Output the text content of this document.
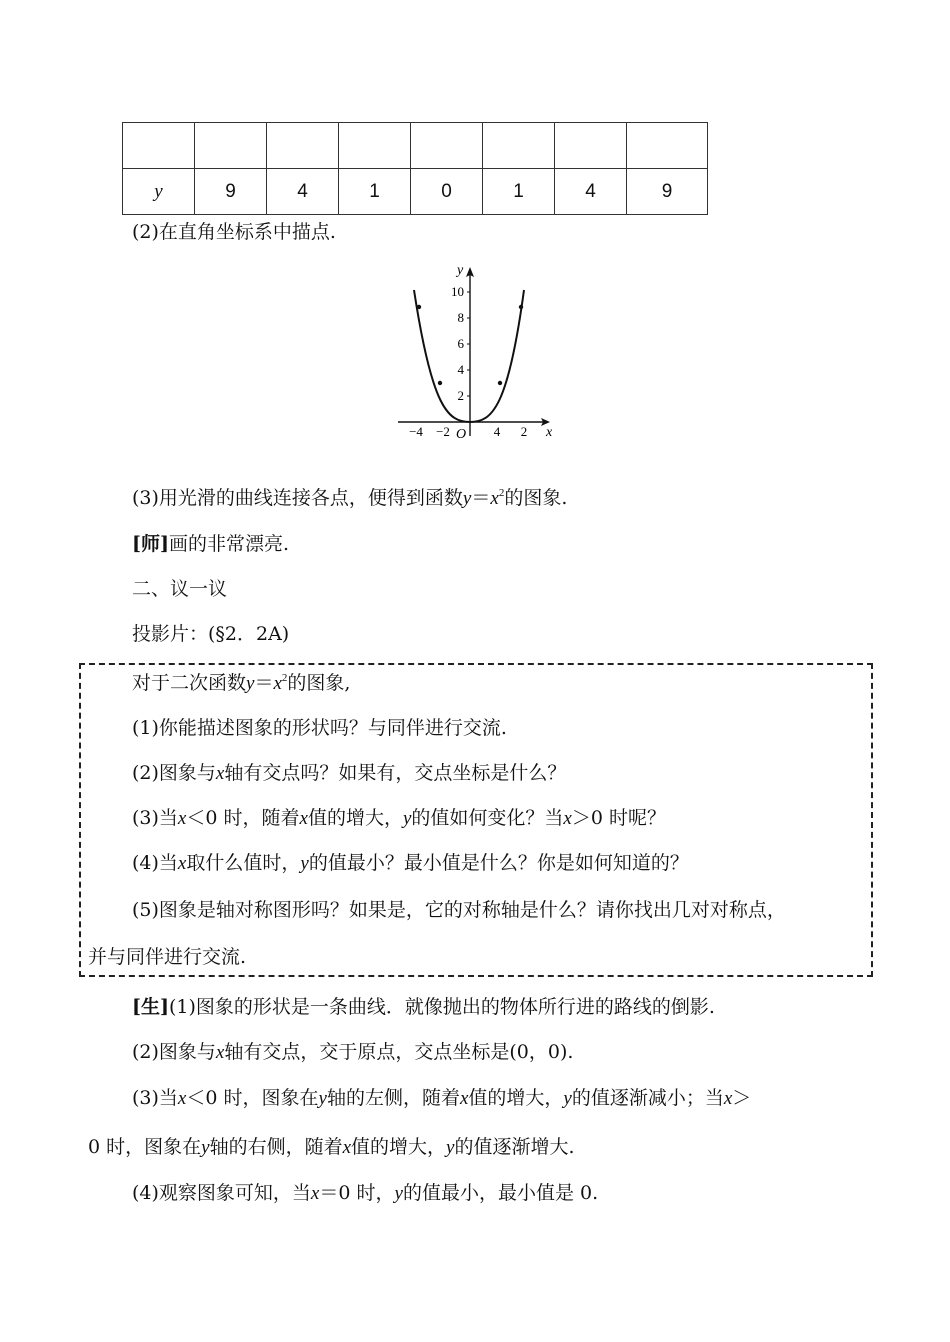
y	9	4	1	0	1	4	9
(2)在直角坐标系中描点.
10
8
6
4
2
−4 −2	4 2
O	x
y
(3)用光滑的曲线连接各点，便得到函数$y=x^2$的图象.
[师]画的非常漂亮.
二、议一议
投影片：(§2．2A)
对于二次函数$y=x^2$的图象,
(1)你能描述图象的形状吗？与同伴进行交流.
(2)图象与x轴有交点吗？如果有，交点坐标是什么？
(3)当x＜0 时，随着x值的增大，y的值如何变化？当x＞0 时呢？
(4)当x取什么值时，y的值最小？最小值是什么？你是如何知道的？
(5)图象是轴对称图形吗？如果是，它的对称轴是什么？请你找出几对对称点，
并与同伴进行交流.
[生](1)图象的形状是一条曲线．就像抛出的物体所行进的路线的倒影.
(2)图象与x轴有交点，交于原点，交点坐标是(0，0).
(3)当x＜0 时，图象在y轴的左侧，随着x值的增大，y的值逐渐减小；当x＞
0 时，图象在y轴的右侧，随着x值的增大，y的值逐渐增大.
(4)观察图象可知，当x＝0 时，y的值最小，最小值是 0.
